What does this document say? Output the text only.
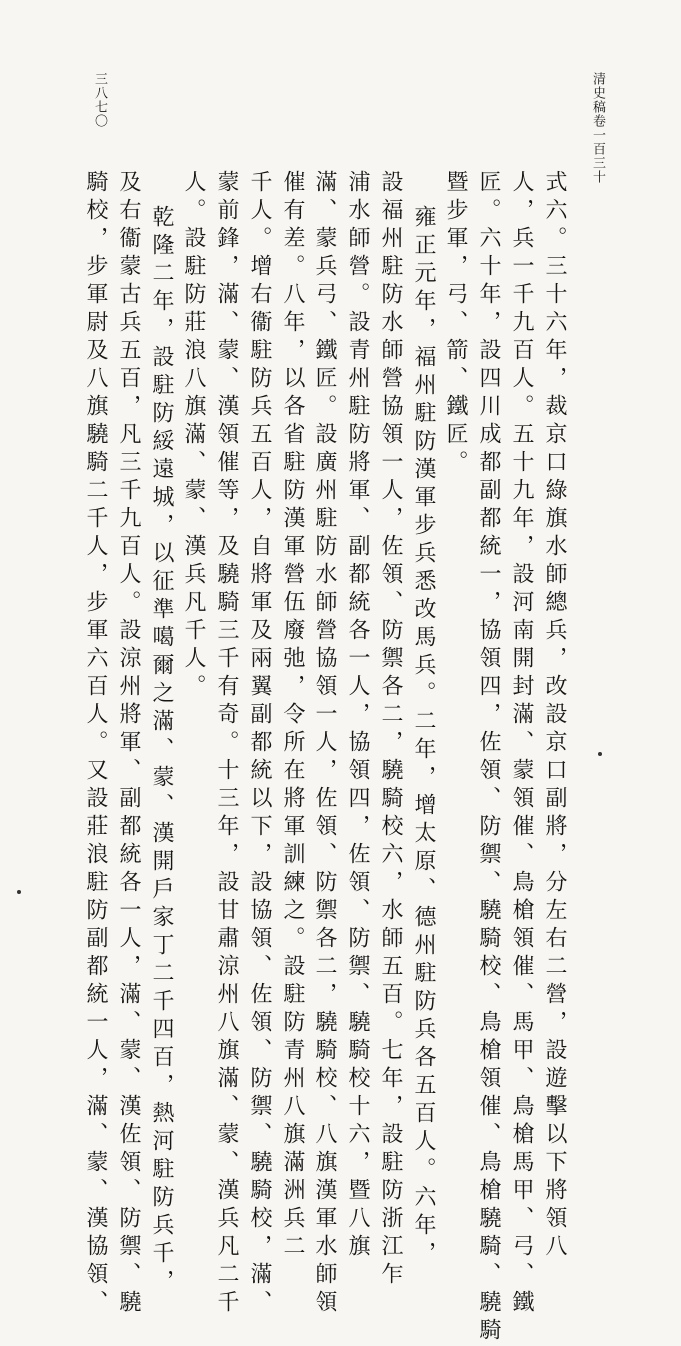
清史稿卷一百三十
三八七〇
式六。三十六年，裁京口綠旗水師總兵，改設京口副將，分左右二營，設遊擊以下將領八
人，兵一千九百人。五十九年，設河南開封滿、蒙領催、鳥槍領催、馬甲、鳥槍馬甲、弓、鐵
匠。六十年，設四川成都副都統一，協領四，佐領、防禦、驍騎校、鳥槍領催、鳥槍驍騎、驍騎
暨步軍，弓、箭、鐵匠。
雍正元年，福州駐防漢軍步兵悉改馬兵。二年，增太原、德州駐防兵各五百人。六年，
設福州駐防水師營協領一人，佐領、防禦各二，驍騎校六，水師五百。七年，設駐防浙江乍
浦水師營。設青州駐防將軍、副都統各一人，協領四，佐領、防禦、驍騎校十六，暨八旗
滿、蒙兵弓、鐵匠。設廣州駐防水師營協領一人，佐領、防禦各二，驍騎校、八旗漢軍水師領
催有差。八年，以各省駐防漢軍營伍廢弛，令所在將軍訓練之。設駐防青州八旗滿洲兵二
千人。增右衞駐防兵五百人，自將軍及兩翼副都統以下，設協領、佐領、防禦、驍騎校，滿、
蒙前鋒，滿、蒙、漢領催等，及驍騎三千有奇。十三年，設甘肅涼州八旗滿、蒙、漢兵凡二千
人。設駐防莊浪八旗滿、蒙、漢兵凡千人。
乾隆二年，設駐防綏遠城，以征準噶爾之滿、蒙、漢開戶家丁二千四百，熱河駐防兵千，
及右衞蒙古兵五百，凡三千九百人。設涼州將軍、副都統各一人，滿、蒙、漢佐領、防禦、驍
騎校，步軍尉及八旗驍騎二千人，步軍六百人。又設莊浪駐防副都統一人，滿、蒙、漢協領、
